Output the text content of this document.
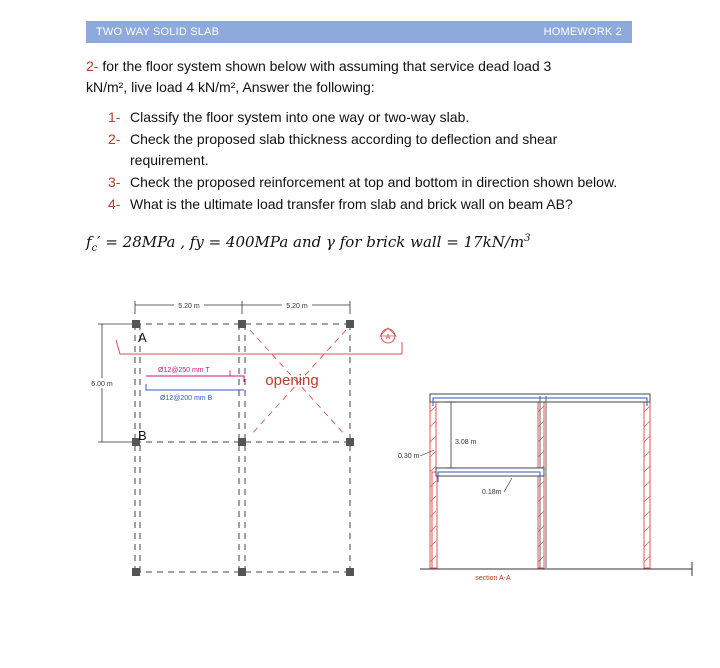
TWO WAY SOLID SLAB	HOMEWORK 2
2- for the floor system shown below with assuming that service dead load 3
kN/m², live load 4 kN/m², Answer the following:
1- Classify the floor system into one way or two-way slab.
2- Check the proposed slab thickness according to deflection and shear requirement.
3- Check the proposed reinforcement at top and bottom in direction shown below.
4- What is the ultimate load transfer from slab and brick wall on beam AB?
$f_c' = 28MPa$ , fy = 400MPa and γ for brick wall = $17kN/m^3$
5.20 m	5.20 m
6.00 m
A
B
opening
A
Ø12@250 mm T
Ø12@200 mm B
3.08 m
0.30 m
0.18m
section A-A
